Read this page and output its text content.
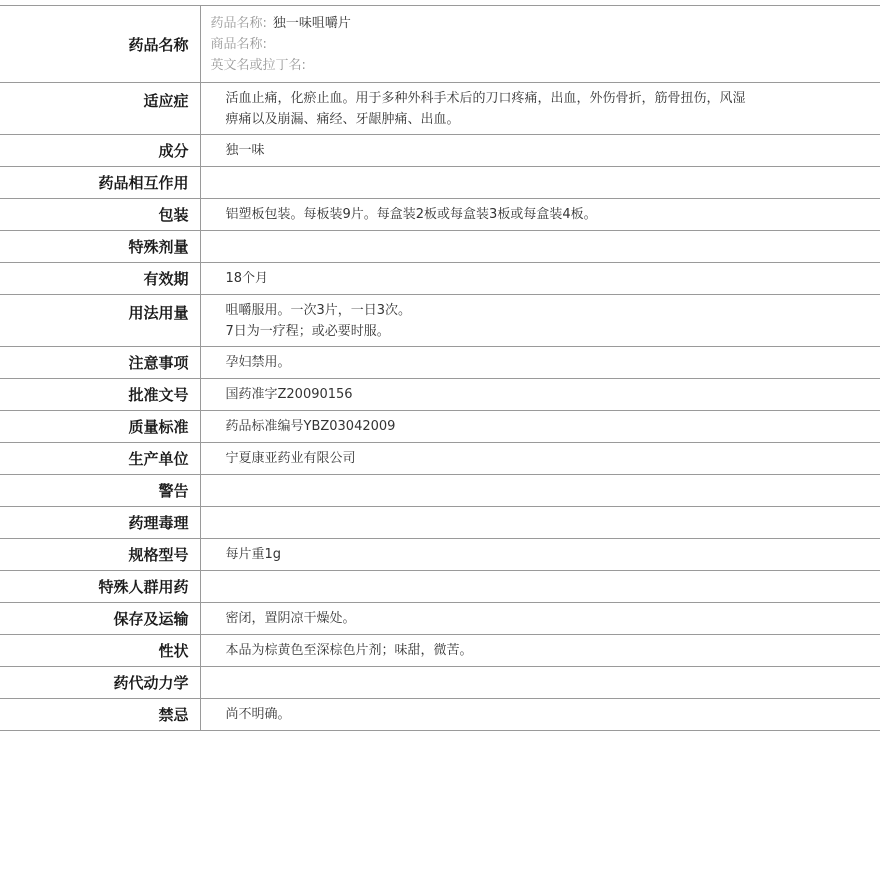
药品名称	药品名称: 独一味咀嚼片
商品名称:
英文名或拉丁名:

适应症	活血止痛，化瘀止血。用于多种外科手术后的刀口疼痛，出血，外伤骨折，筋骨扭伤，风湿
痹痛以及崩漏、痛经、牙龈肿痛、出血。

成分	独一味
药品相互作用	
包装	铝塑板包装。每板装9片。每盒装2板或每盒装3板或每盒装4板。
特殊剂量	
有效期	18个月
用法用量	咀嚼服用。一次3片，一日3次。
7日为一疗程；或必要时服。

注意事项	孕妇禁用。
批准文号	国药准字Z20090156
质量标准	药品标准编号YBZ03042009
生产单位	宁夏康亚药业有限公司
警告	
药理毒理	
规格型号	每片重1g
特殊人群用药	
保存及运输	密闭，置阴凉干燥处。
性状	本品为棕黄色至深棕色片剂；味甜，微苦。
药代动力学	
禁忌	尚不明确。
